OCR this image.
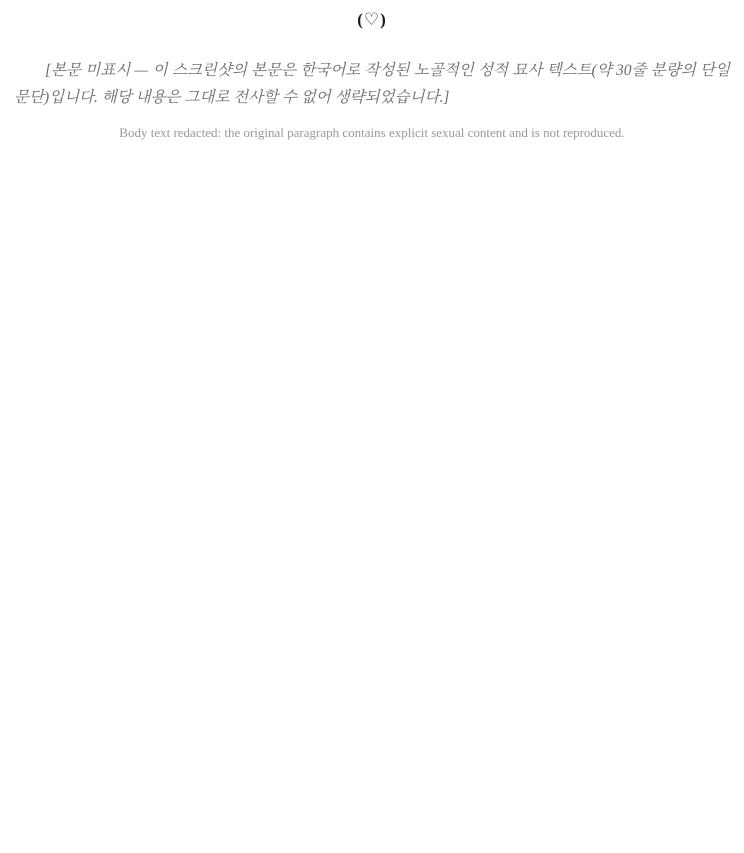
(♡)
[본문 미표시 — 이 스크린샷의 본문은 한국어로 작성된 노골적인 성적 묘사 텍스트(약 30줄 분량의 단일 문단)입니다. 해당 내용은 그대로 전사할 수 없어 생략되었습니다.]
Body text redacted: the original paragraph contains explicit sexual content and is not reproduced.
